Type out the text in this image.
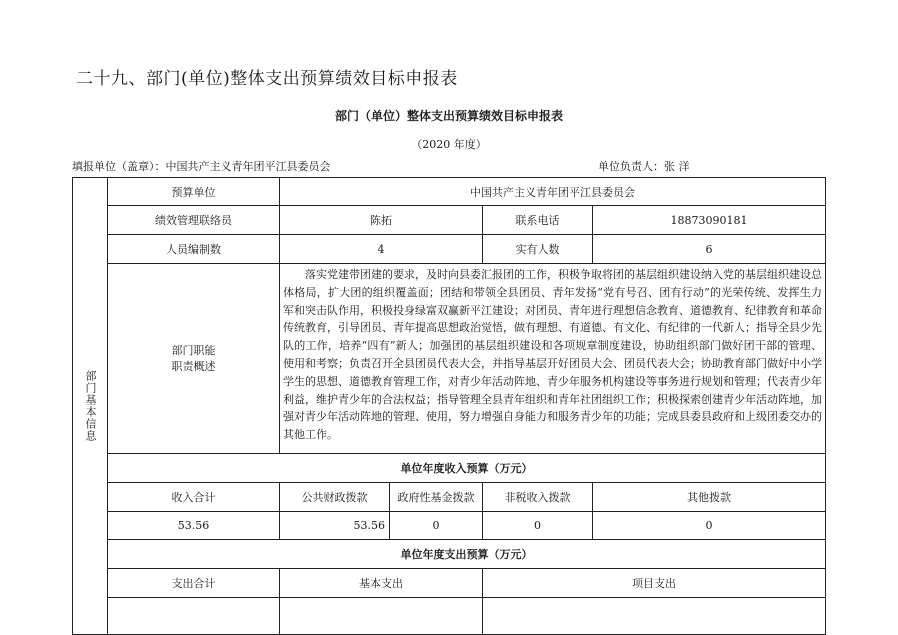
二十九、部门(单位)整体支出预算绩效目标申报表
部门（单位）整体支出预算绩效目标申报表
（2020 年度）
填报单位（盖章）：中国共产主义青年团平江县委员会	单位负责人：张 洋
部门基本信息
预算单位	中国共产主义青年团平江县委员会
绩效管理联络员	陈拓	联系电话	18873090181
人员编制数	4	实有人数	6
部门职能
职责概述
落实党建带团建的要求，及时向县委汇报团的工作，积极争取将团的基层组织建设纳入党的基层组织建设总体格局，扩大团的组织覆盖面；团结和带领全县团员、青年发扬“党有号召、团有行动”的光荣传统、发挥生力军和突击队作用，积极投身绿富双赢新平江建设；对团员、青年进行理想信念教育、道德教育、纪律教育和革命传统教育，引导团员、青年提高思想政治觉悟，做有理想、有道德、有文化、有纪律的一代新人；指导全县少先队的工作，培养“四有”新人；加强团的基层组织建设和各项规章制度建设，协助组织部门做好团干部的管理、使用和考察；负责召开全县团员代表大会，并指导基层开好团员大会、团员代表大会；协助教育部门做好中小学学生的思想、道德教育管理工作，对青少年活动阵地、青少年服务机构建设等事务进行规划和管理；代表青少年利益，维护青少年的合法权益；指导管理全县青年组织和青年社团组织工作；积极探索创建青少年活动阵地，加强对青少年活动阵地的管理、使用，努力增强自身能力和服务青少年的功能；完成县委县政府和上级团委交办的其他工作。
单位年度收入预算（万元）
收入合计	公共财政拨款	政府性基金拨款	非税收入拨款	其他拨款
53.56	53.56	0	0	0
单位年度支出预算（万元）
支出合计	基本支出	项目支出
